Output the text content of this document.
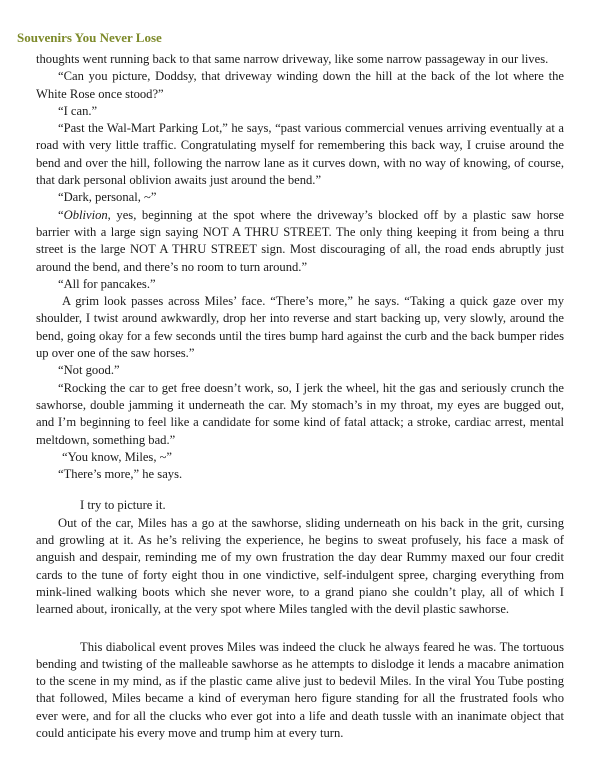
Souvenirs You Never Lose

thoughts went running back to that same narrow driveway, like some narrow passageway in our lives.

“Can you picture, Doddsy, that driveway winding down the hill at the back of the lot where the White Rose once stood?”

“I can.”

“Past the Wal-Mart Parking Lot,” he says, “past various commercial venues arriving eventually at a road with very little traffic. Congratulating myself for remembering this back way, I cruise around the bend and over the hill, following the narrow lane as it curves down, with no way of knowing, of course, that dark personal oblivion awaits just around the bend.”

“Dark, personal, ~”

“Oblivion, yes, beginning at the spot where the driveway’s blocked off by a plastic saw horse barrier with a large sign saying NOT A THRU STREET. The only thing keeping it from being a thru street is the large NOT A THRU STREET sign. Most discouraging of all, the road ends abruptly just around the bend, and there’s no room to turn around.”

“All for pancakes.”

A grim look passes across Miles’ face. “There’s more,” he says. “Taking a quick gaze over my shoulder, I twist around awkwardly, drop her into reverse and start backing up, very slowly, around the bend, going okay for a few seconds until the tires bump hard against the curb and the back bumper rides up over one of the saw horses.”

“Not good.”

“Rocking the car to get free doesn’t work, so, I jerk the wheel, hit the gas and seriously crunch the sawhorse, double jamming it underneath the car. My stomach’s in my throat, my eyes are bugged out, and I’m beginning to feel like a candidate for some kind of fatal attack; a stroke, cardiac arrest, mental meltdown, something bad.”

“You know, Miles, ~”

“There’s more,” he says.

I try to picture it.

Out of the car, Miles has a go at the sawhorse, sliding underneath on his back in the grit, cursing and growling at it. As he’s reliving the experience, he begins to sweat profusely, his face a mask of anguish and despair, reminding me of my own frustration the day dear Rummy maxed our four credit cards to the tune of forty eight thou in one vindictive, self-indulgent spree, charging everything from mink-lined walking boots which she never wore, to a grand piano she couldn’t play, all of which I learned about, ironically, at the very spot where Miles tangled with the devil plastic sawhorse.

This diabolical event proves Miles was indeed the cluck he always feared he was. The tortuous bending and twisting of the malleable sawhorse as he attempts to dislodge it lends a macabre animation to the scene in my mind, as if the plastic came alive just to bedevil Miles. In the viral You Tube posting that followed, Miles became a kind of everyman hero figure standing for all the frustrated fools who ever were, and for all the clucks who ever got into a life and death tussle with an inanimate object that could anticipate his every move and trump him at every turn.
